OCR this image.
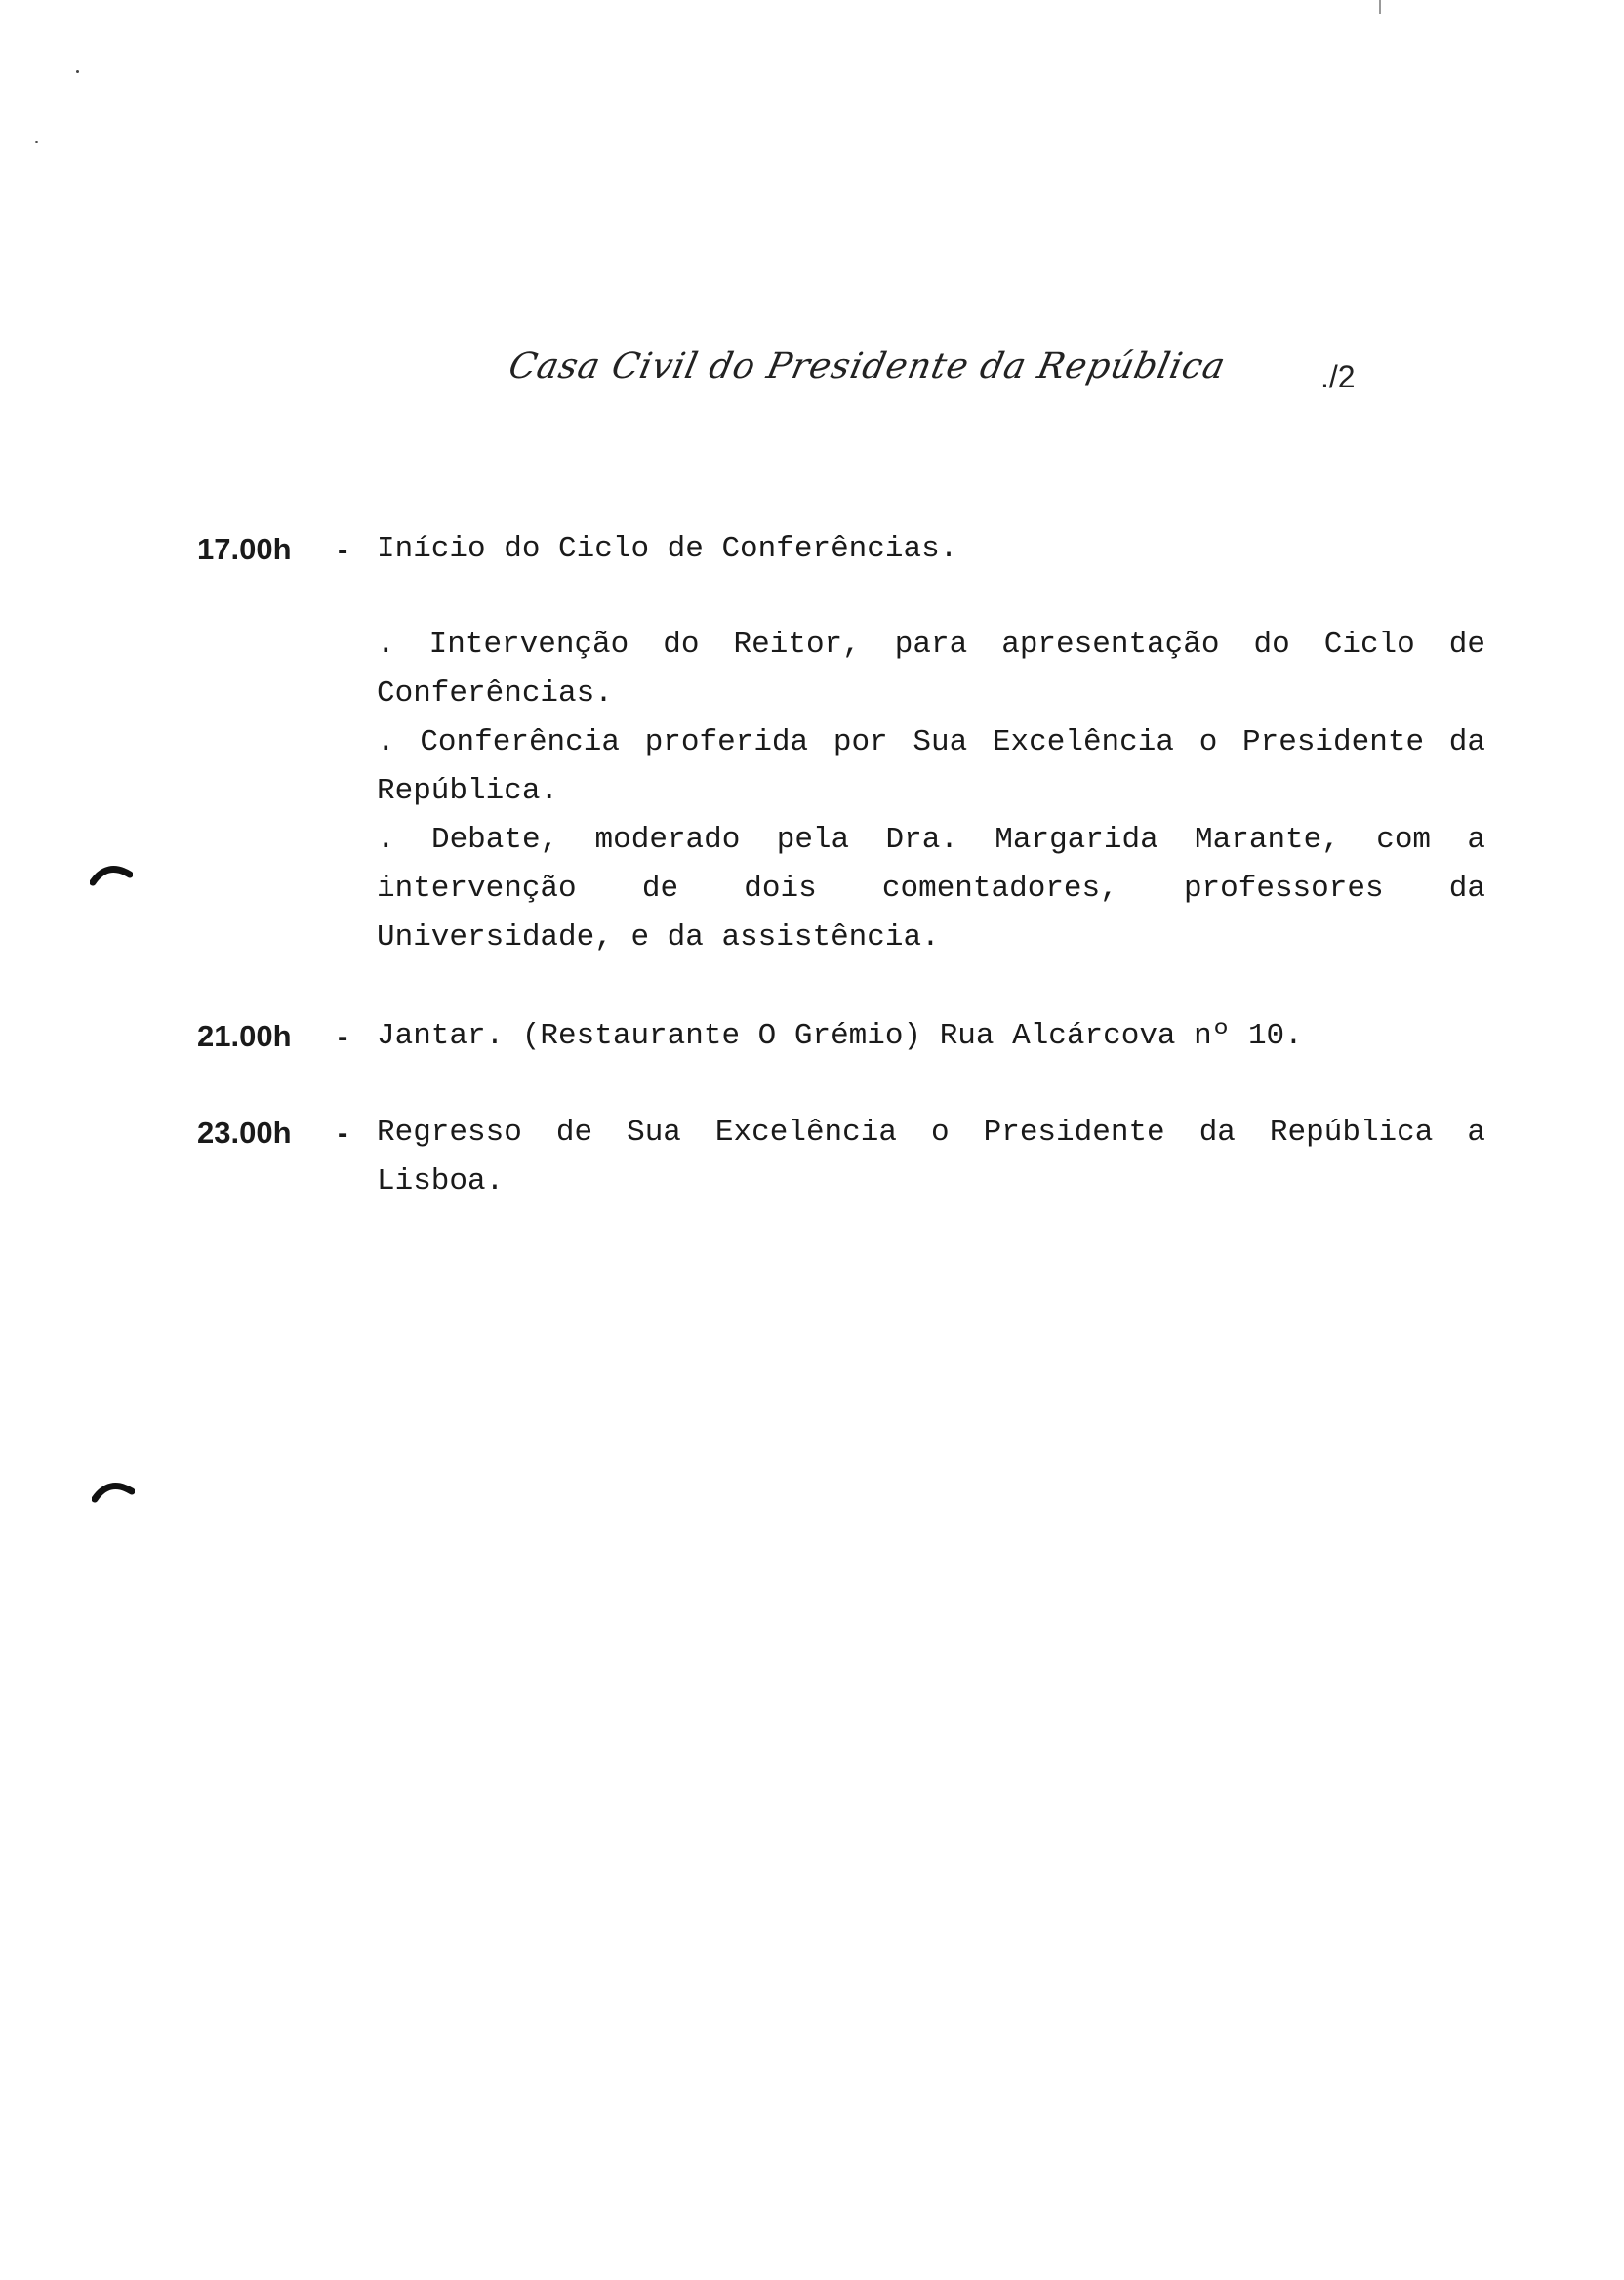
Casa Civil do Presidente da República	./2
17.00h - Início do Ciclo de Conferências.
. Intervenção do Reitor, para apresentação do Ciclo de Conferências.
. Conferência proferida por Sua Excelência o Presidente da República.
. Debate, moderado pela Dra. Margarida Marante, com a intervenção de dois comentadores, professores da Universidade, e da assistência.
21.00h - Jantar. (Restaurante O Grémio) Rua Alcárcova nº 10.
23.00h - Regresso de Sua Excelência o Presidente da República a Lisboa.
